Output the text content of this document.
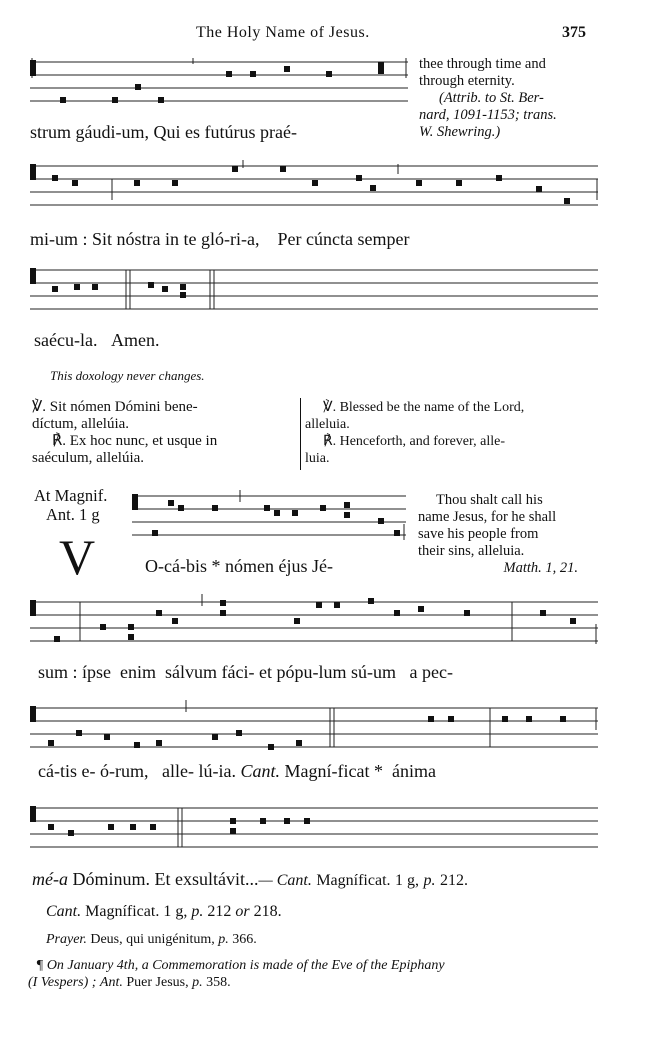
The Holy Name of Jesus.	375
strum gáudi-um, Qui es futúrus praé-
thee through time and
through eternity.
(Attrib. to St. Ber-
nard, 1091-1153; trans.
W. Shewring.)
mi-um : Sit nóstra in te gló-ri-a, Per cúncta semper
saécu-la. Amen.
This doxology never changes.
℣. Sit nómen Dómini bene-
díctum, allelúia.
℟. Ex hoc nunc, et usque in
saéculum, allelúia.
℣. Blessed be the name of the Lord,
alleluia.
℟. Henceforth, and forever, alle-
luia.
At Magnif.
Ant. 1 g
V	O-cá-bis * nómen éjus Jé-
Thou shalt call his
name Jesus, for he shall
save his people from
their sins, alleluia.
Matth. 1, 21.
sum : ípse enim sálvum fáci- et pópu-lum sú-um a pec-
cá-tis e- ó-rum, alle- lú-ia. Cant. Magní-ficat * ánima
mé-a Dóminum. Et exsultávit...— Cant. Magníficat. 1 g, p. 212.
Cant. Magníficat. 1 g, p. 212 or 218.
Prayer. Deus, qui unigénitum, p. 366.
¶ On January 4th, a Commemoration is made of the Eve of the Epiphany
(I Vespers) ; Ant. Puer Jesus, p. 358.
